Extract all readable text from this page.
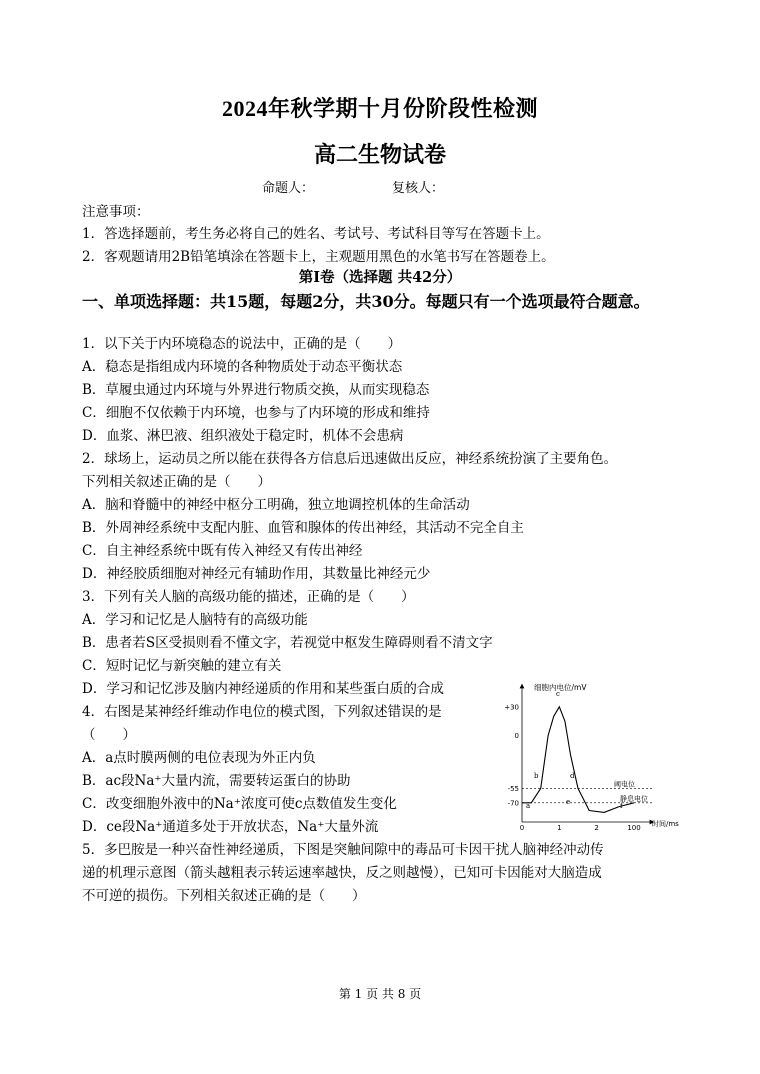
2024年秋学期十月份阶段性检测
高二生物试卷
命题人：	复核人：
注意事项：
1．答选择题前，考生务必将自己的姓名、考试号、考试科目等写在答题卡上。
2．客观题请用2B铅笔填涂在答题卡上，主观题用黑色的水笔书写在答题卷上。
第Ⅰ卷（选择题 共42分）
一、单项选择题：共15题，每题2分，共30分。每题只有一个选项最符合题意。
1．以下关于内环境稳态的说法中，正确的是（　　）
A．稳态是指组成内环境的各种物质处于动态平衡状态
B．草履虫通过内环境与外界进行物质交换，从而实现稳态
C．细胞不仅依赖于内环境，也参与了内环境的形成和维持
D．血浆、淋巴液、组织液处于稳定时，机体不会患病
2．球场上，运动员之所以能在获得各方信息后迅速做出反应，神经系统扮演了主要角色。
下列相关叙述正确的是（　　）
A．脑和脊髓中的神经中枢分工明确，独立地调控机体的生命活动
B．外周神经系统中支配内脏、血管和腺体的传出神经，其活动不完全自主
C．自主神经系统中既有传入神经又有传出神经
D．神经胶质细胞对神经元有辅助作用，其数量比神经元少
3．下列有关人脑的高级功能的描述，正确的是（　　）
A．学习和记忆是人脑特有的高级功能
B．患者若S区受损则看不懂文字，若视觉中枢发生障碍则看不清文字
C．短时记忆与新突触的建立有关
D．学习和记忆涉及脑内神经递质的作用和某些蛋白质的合成
4．右图是某神经纤维动作电位的模式图，下列叙述错误的是
（　　）
A．a点时膜两侧的电位表现为外正内负
B．ac段Na⁺大量内流，需要转运蛋白的协助
C．改变细胞外液中的Na⁺浓度可使c点数值发生变化
D．ce段Na⁺通道多处于开放状态，Na⁺大量外流
5．多巴胺是一种兴奋性神经递质，下图是突触间隙中的毒品可卡因干扰人脑神经冲动传
递的机理示意图（箭头越粗表示转运速率越快，反之则越慢），已知可卡因能对大脑造成
不可逆的损伤。下列相关叙述正确的是（　　）
细胞内电位/mV
时间/ms
+30
0
-55
-70
0	1	2	100
阈电位
静息电位
a
b
c
d
e	f
第 1 页 共 8 页
